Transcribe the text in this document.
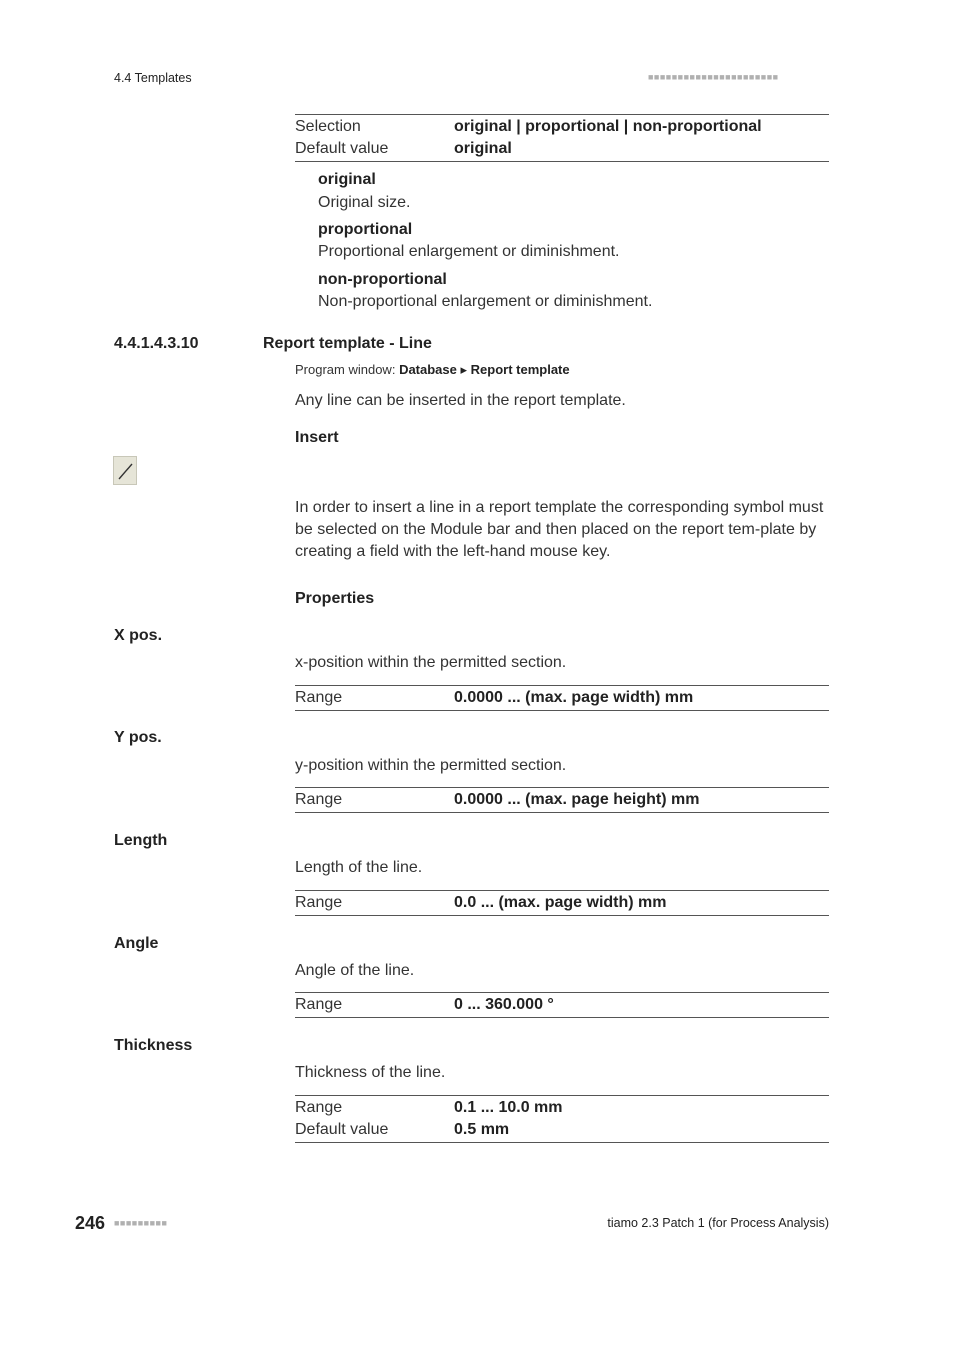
4.4 Templates	■■■■■■■■■■■■■■■■■■■■■■
Selection	original | proportional | non-proportional
Default value	original
original
Original size.
proportional
Proportional enlargement or diminishment.
non-proportional
Non-proportional enlargement or diminishment.
4.4.1.4.3.10	Report template - Line
Program window: Database ▸ Report template
Any line can be inserted in the report template.
Insert
In order to insert a line in a report template the corresponding symbol must be selected on the Module bar and then placed on the report tem-plate by creating a field with the left-hand mouse key.
Properties
X pos.
x-position within the permitted section.
Range	0.0000 ... (max. page width) mm
Y pos.
y-position within the permitted section.
Range	0.0000 ... (max. page height) mm
Length
Length of the line.
Range	0.0 ... (max. page width) mm
Angle
Angle of the line.
Range	0 ... 360.000 °
Thickness
Thickness of the line.
Range	0.1 ... 10.0 mm
Default value	0.5 mm
246 ■■■■■■■■■	tiamo 2.3 Patch 1 (for Process Analysis)
